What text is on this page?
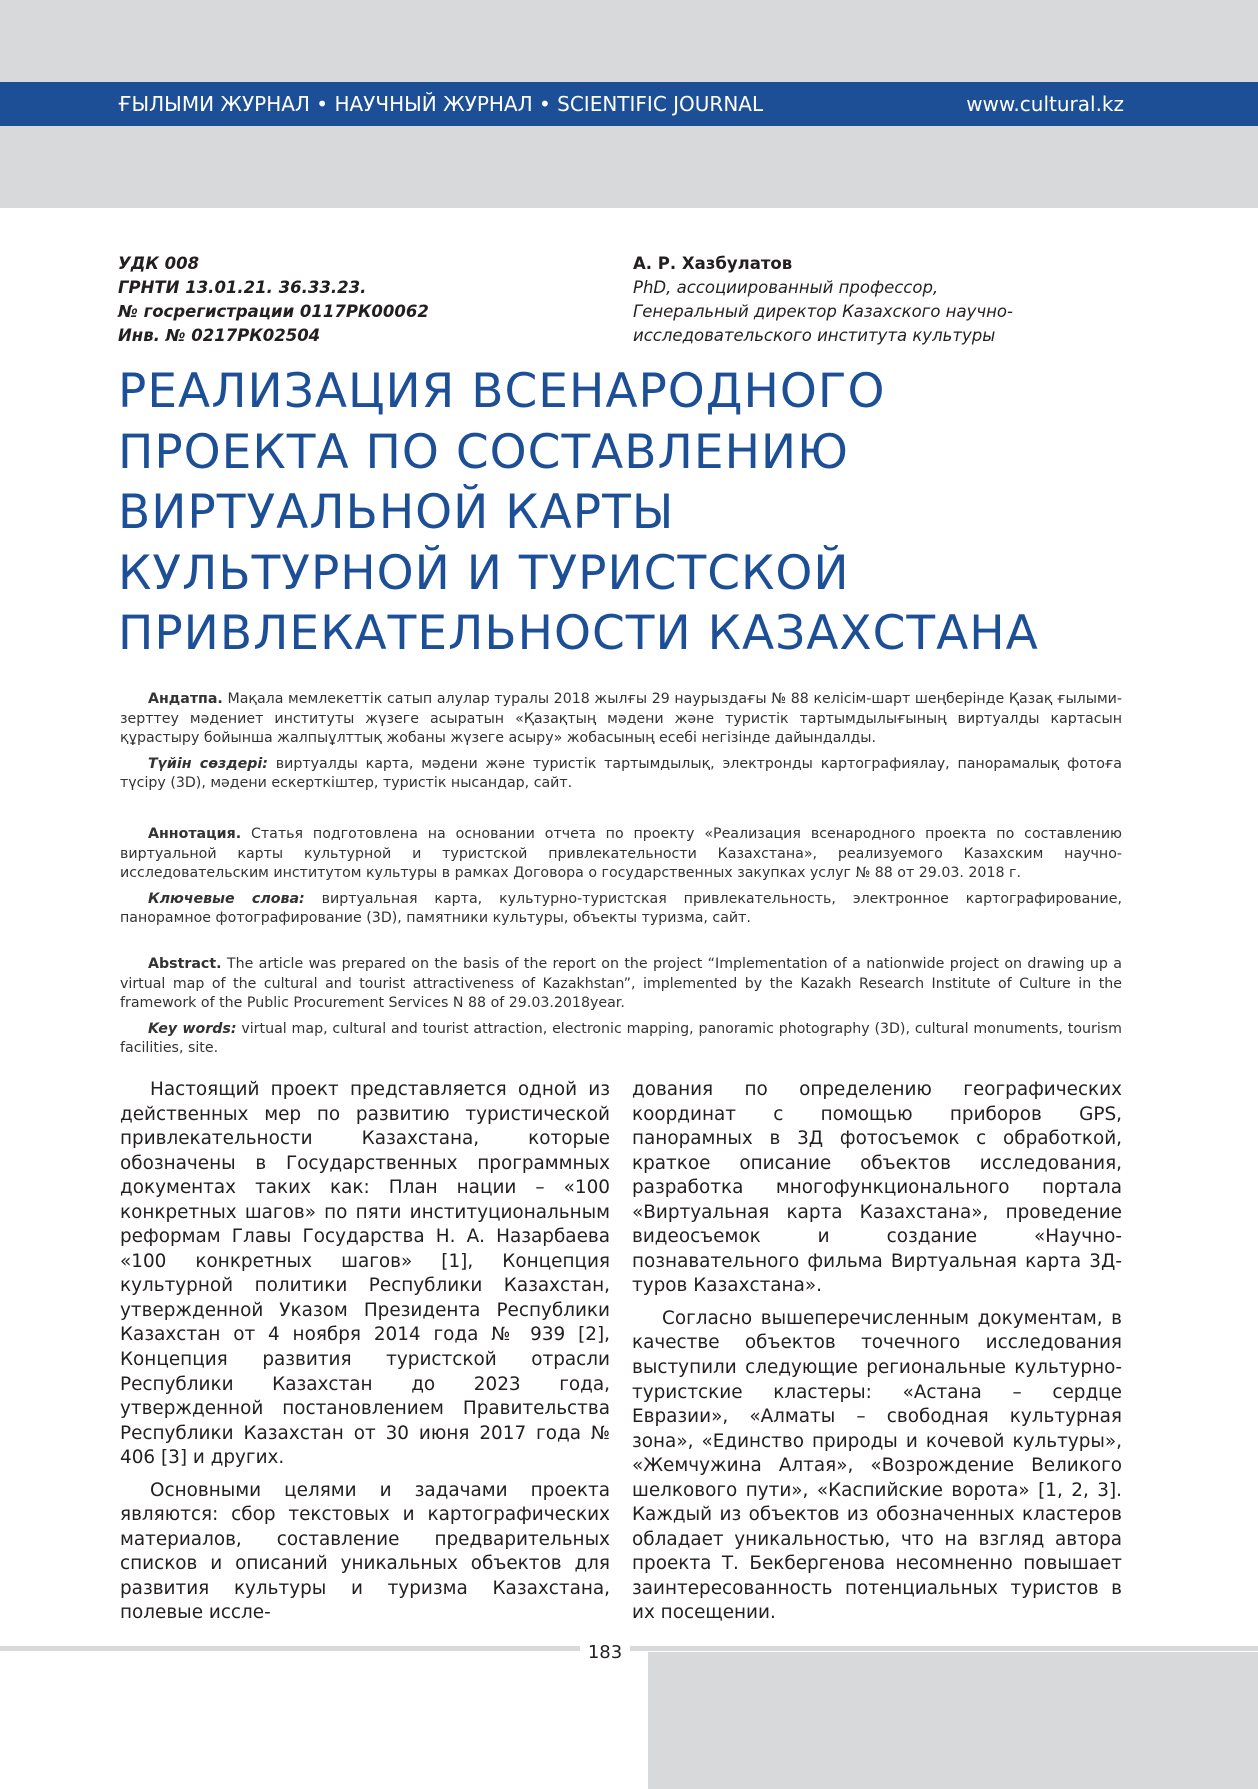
ҒЫЛЫМИ ЖУРНАЛ • НАУЧНЫЙ ЖУРНАЛ • SCIENTIFIC JOURNAL	www.cultural.kz
УДК 008
ГРНТИ 13.01.21. 36.33.23.
№ госрегистрации 0117РК00062
Инв. № 0217РК02504
А. Р. Хазбулатов
PhD, ассоциированный профессор,
Генеральный директор Казахского научно-
исследовательского института культуры
РЕАЛИЗАЦИЯ ВСЕНАРОДНОГО
ПРОЕКТА ПО СОСТАВЛЕНИЮ
ВИРТУАЛЬНОЙ КАРТЫ
КУЛЬТУРНОЙ И ТУРИСТСКОЙ
ПРИВЛЕКАТЕЛЬНОСТИ КАЗАХСТАНА

Андатпа. Мақала мемлекеттік сатып алулар туралы 2018 жылғы 29 наурыздағы № 88 келісім-шарт шеңберінде Қазақ ғылыми-зерттеу мәдениет институты жүзеге асыратын «Қазақтың мәдени және туристік тартымдылығының виртуалды картасын құрастыру бойынша жалпыұлттық жобаны жүзеге асыру» жобасының есебі негізінде дайындалды.

Түйін сөздері: виртуалды карта, мәдени және туристік тартымдылық, электронды картографиялау, панорамалық фотоға түсіру (3D), мәдени ескерткіштер, туристік нысандар, сайт.

Аннотация. Статья подготовлена на основании отчета по проекту «Реализация всенародного проекта по составлению виртуальной карты культурной и туристской привлекательности Казахстана», реализуемого Казахским научно-исследовательским институтом культуры в рамках Договора о государственных закупках услуг № 88 от 29.03. 2018 г.

Ключевые слова: виртуальная карта, культурно-туристская привлекательность, электронное картографирование, панорамное фотографирование (3D), памятники культуры, объекты туризма, сайт.

Abstract. The article was prepared on the basis of the report on the project “Implementation of a nationwide project on drawing up a virtual map of the cultural and tourist attractiveness of Kazakhstan”, implemented by the Kazakh Research Institute of Culture in the framework of the Public Procurement Services N 88 of 29.03.2018year.

Key words: virtual map, cultural and tourist attraction, electronic mapping, panoramic photography (3D), cultural monuments, tourism facilities, site.

Настоящий проект представляется одной из действенных мер по развитию туристической привлекательности Казахстана, которые обозначены в Государственных программных документах таких как: План нации – «100 конкретных шагов» по пяти институциональным реформам Главы Государства Н. А. Назарбаева «100 конкретных шагов» [1], Концепция культурной политики Республики Казахстан, утвержденной Указом Президента Республики Казахстан от 4 ноября 2014 года № 939 [2], Концепция развития туристской отрасли Республики Казахстан до 2023 года, утвержденной постановлением Правительства Республики Казахстан от 30 июня 2017 года № 406 [3] и других.

Основными целями и задачами проекта являются: сбор текстовых и картографических материалов, составление предварительных списков и описаний уникальных объектов для развития культуры и туризма Казахстана, полевые иссле-

дования по определению географических координат с помощью приборов GPS, панорамных в 3Д фотосъемок с обработкой, краткое описание объектов исследования, разработка многофункционального портала «Виртуальная карта Казахстана», проведение видеосъемок и создание «Научно-познавательного фильма Виртуальная карта 3Д-туров Казахстана».

Согласно вышеперечисленным документам, в качестве объектов точечного исследования выступили следующие региональные культурно-туристские кластеры: «Астана – сердце Евразии», «Алматы – свободная культурная зона», «Единство природы и кочевой культуры», «Жемчужина Алтая», «Возрождение Великого шелкового пути», «Каспийские ворота» [1, 2, 3]. Каждый из объектов из обозначенных кластеров обладает уникальностью, что на взгляд автора проекта Т. Бекбергенова несомненно повышает заинтересованность потенциальных туристов в их посещении.

183
